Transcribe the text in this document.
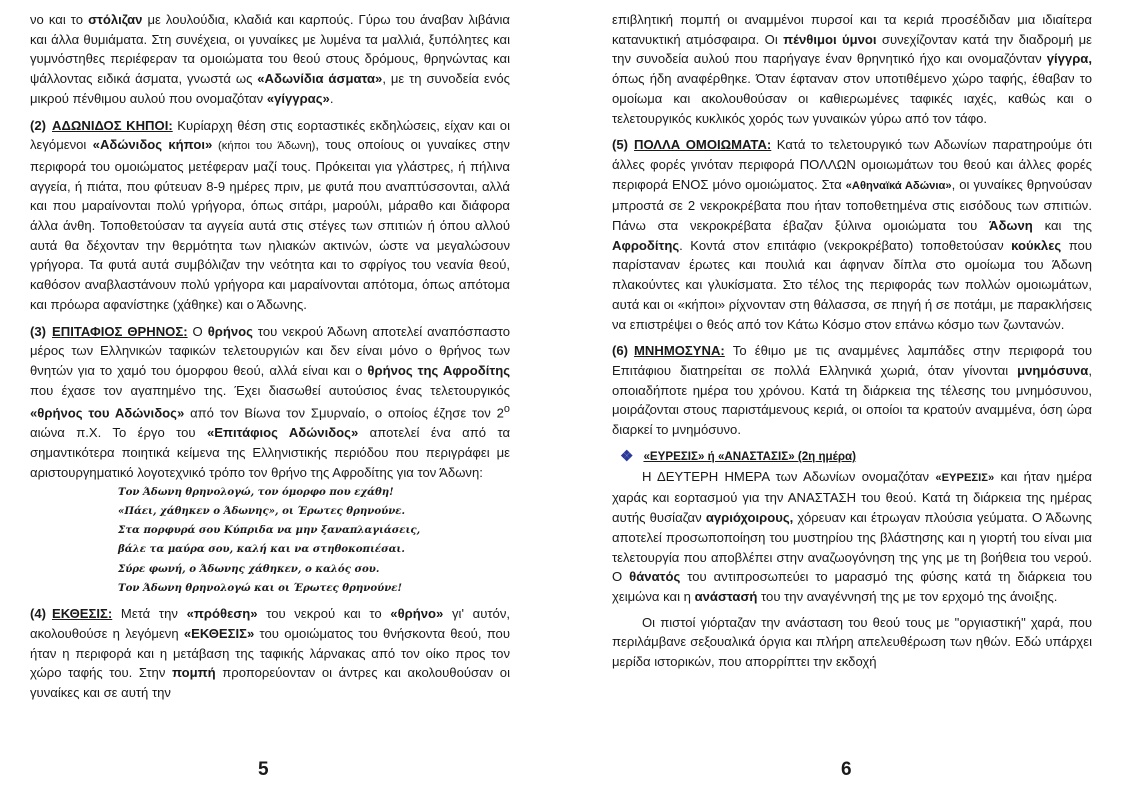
νο και το στόλιζαν με λουλούδια, κλαδιά και καρπούς. Γύρω του άναβαν λιβάνια και άλλα θυμιάματα. Στη συνέχεια, οι γυναίκες με λυμένα τα μαλλιά, ξυπόλητες και γυμνόστηθες περιέφεραν τα ομοιώματα του θεού στους δρόμους, θρηνώντας και ψάλλοντας ειδικά άσματα, γνωστά ως «Αδωνίδια άσματα», με τη συνοδεία ενός μικρού πένθιμου αυλού που ονομαζόταν «γίγγρας».

(2) ΑΔΩΝΙΔΟΣ ΚΗΠΟΙ: Κυρίαρχη θέση στις εορταστικές εκδηλώσεις, είχαν και οι λεγόμενοι «Αδώνιδος κήποι» (κήποι του Άδωνη), τους οποίους οι γυναίκες στην περιφορά του ομοιώματος μετέφεραν μαζί τους. Πρόκειται για γλάστρες, ή πήλινα αγγεία, ή πιάτα, που φύτευαν 8-9 ημέρες πριν, με φυτά που αναπτύσσονται, αλλά και που μαραίνονται πολύ γρήγορα, όπως σιτάρι, μαρούλι, μάραθο και διάφορα άλλα άνθη. Τοποθετούσαν τα αγγεία αυτά στις στέγες των σπιτιών ή όπου αλλού αυτά θα δέχονταν την θερμότητα των ηλιακών ακτινών, ώστε να μεγαλώσουν γρήγορα. Τα φυτά αυτά συμβόλιζαν την νεότητα και το σφρίγος του νεανία θεού, καθόσον αναβλαστάνουν πολύ γρήγορα και μαραίνονται απότομα, όπως απότομα και πρόωρα αφανίστηκε (χάθηκε) και ο Άδωνης.

(3) ΕΠΙΤΑΦΙΟΣ ΘΡΗΝΟΣ: Ο θρήνος του νεκρού Άδωνη αποτελεί αναπόσπαστο μέρος των Ελληνικών ταφικών τελετουργιών και δεν είναι μόνο ο θρήνος των θνητών για το χαμό του όμορφου θεού, αλλά είναι και ο θρήνος της Αφροδίτης που έχασε τον αγαπημένο της. Έχει διασωθεί αυτούσιος ένας τελετουργικός «θρήνος του Αδώνιδος» από τον Βίωνα τον Σμυρναίο, ο οποίος έζησε τον $2^o$ αιώνα π.Χ. Το έργο του «Επιτάφιος Αδώνιδος» αποτελεί ένα από τα σημαντικότερα ποιητικά κείμενα της Ελληνιστικής περιόδου που περιγράφει με αριστουργηματικό λογοτεχνικό τρόπο τον θρήνο της Αφροδίτης για τον Άδωνη:

Τον Άδωνη θρηνολογώ, τον όμορφο που εχάθη!
«Πάει, χάθηκεν ο Άδωνης», οι Έρωτες θρηνούνε.
Στα πορφυρά σου Κύπριδα να μην ξαναπλαγιάσεις,
βάλε τα μαύρα σου, καλή και να στηθοκοπιέσαι.
Σύρε φωνή, ο Άδωνης χάθηκεν, ο καλός σου.
Τον Άδωνη θρηνολογώ και οι Έρωτες θρηνούνε!

(4) ΕΚΘΕΣΙΣ: Μετά την «πρόθεση» του νεκρού και το «θρήνο» γι' αυτόν, ακολουθούσε η λεγόμενη «ΕΚΘΕΣΙΣ» του ομοιώματος του θνήσκοντα θεού, που ήταν η περιφορά και η μετάβαση της ταφικής λάρνακας από τον οίκο προς τον χώρο ταφής του. Στην πομπή προπορεύονταν οι άντρες και ακολουθούσαν οι γυναίκες και σε αυτή την

5

επιβλητική πομπή οι αναμμένοι πυρσοί και τα κεριά προσέδιδαν μια ιδιαίτερα κατανυκτική ατμόσφαιρα. Οι πένθιμοι ύμνοι συνεχίζονταν κατά την διαδρομή με την συνοδεία αυλού που παρήγαγε έναν θρηνητικό ήχο και ονομαζόνταν γίγγρα, όπως ήδη αναφέρθηκε. Όταν έφταναν στον υποτιθέμενο χώρο ταφής, έθαβαν το ομοίωμα και ακολουθούσαν οι καθιερωμένες ταφικές ιαχές, καθώς και ο τελετουργικός κυκλικός χορός των γυναικών γύρω από τον τάφο.

(5) ΠΟΛΛΑ ΟΜΟΙΩΜΑΤΑ: Κατά το τελετουργικό των Αδωνίων παρατηρούμε ότι άλλες φορές γινόταν περιφορά ΠΟΛΛΩΝ ομοιωμάτων του θεού και άλλες φορές περιφορά ΕΝΟΣ μόνο ομοιώματος. Στα «Αθηναϊκά Αδώνια», οι γυναίκες θρηνούσαν μπροστά σε 2 νεκροκρέβατα που ήταν τοποθετημένα στις εισόδους των σπιτιών. Πάνω στα νεκροκρέβατα έβαζαν ξύλινα ομοιώματα του Άδωνη και της Αφροδίτης. Κοντά στον επιτάφιο (νεκροκρέβατο) τοποθετούσαν κούκλες που παρίσταναν έρωτες και πουλιά και άφηναν δίπλα στο ομοίωμα του Άδωνη πλακούντες και γλυκίσματα. Στο τέλος της περιφοράς των πολλών ομοιωμάτων, αυτά και οι «κήποι» ρίχνονταν στη θάλασσα, σε πηγή ή σε ποτάμι, με παρακλήσεις να επιστρέψει ο θεός από τον Κάτω Κόσμο στον επάνω κόσμο των ζωντανών.

(6) ΜΝΗΜΟΣΥΝΑ: Το έθιμο με τις αναμμένες λαμπάδες στην περιφορά του Επιτάφιου διατηρείται σε πολλά Ελληνικά χωριά, όταν γίνονται μνημόσυνα, οποιαδήποτε ημέρα του χρόνου. Κατά τη διάρκεια της τέλεσης του μνημόσυνου, μοιράζονται στους παριστάμενους κεριά, οι οποίοι τα κρατούν αναμμένα, όση ώρα διαρκεί το μνημόσυνο.

❖ «ΕΥΡΕΣΙΣ» ή «ΑΝΑΣΤΑΣΙΣ» (2η ημέρα)

Η ΔΕΥΤΕΡΗ ΗΜΕΡΑ των Αδωνίων ονομαζόταν «ΕΥΡΕΣΙΣ» και ήταν ημέρα χαράς και εορτασμού για την ΑΝΑΣΤΑΣΗ του θεού. Κατά τη διάρκεια της ημέρας αυτής θυσίαζαν αγριόχοιρους, χόρευαν και έτρωγαν πλούσια γεύματα. Ο Άδωνης αποτελεί προσωποποίηση του μυστηρίου της βλάστησης και η γιορτή του είναι μια τελετουργία που αποβλέπει στην αναζωογόνηση της γης με τη βοήθεια του νερού. Ο θάνατός του αντιπροσωπεύει το μαρασμό της φύσης κατά τη διάρκεια του χειμώνα και η ανάστασή του την αναγέννησή της με τον ερχομό της άνοιξης.

Οι πιστοί γιόρταζαν την ανάσταση του θεού τους με "οργιαστική" χαρά, που περιλάμβανε σεξουαλικά όργια και πλήρη απελευθέρωση των ηθών. Εδώ υπάρχει μερίδα ιστορικών, που απορρίπτει την εκδοχή

6
